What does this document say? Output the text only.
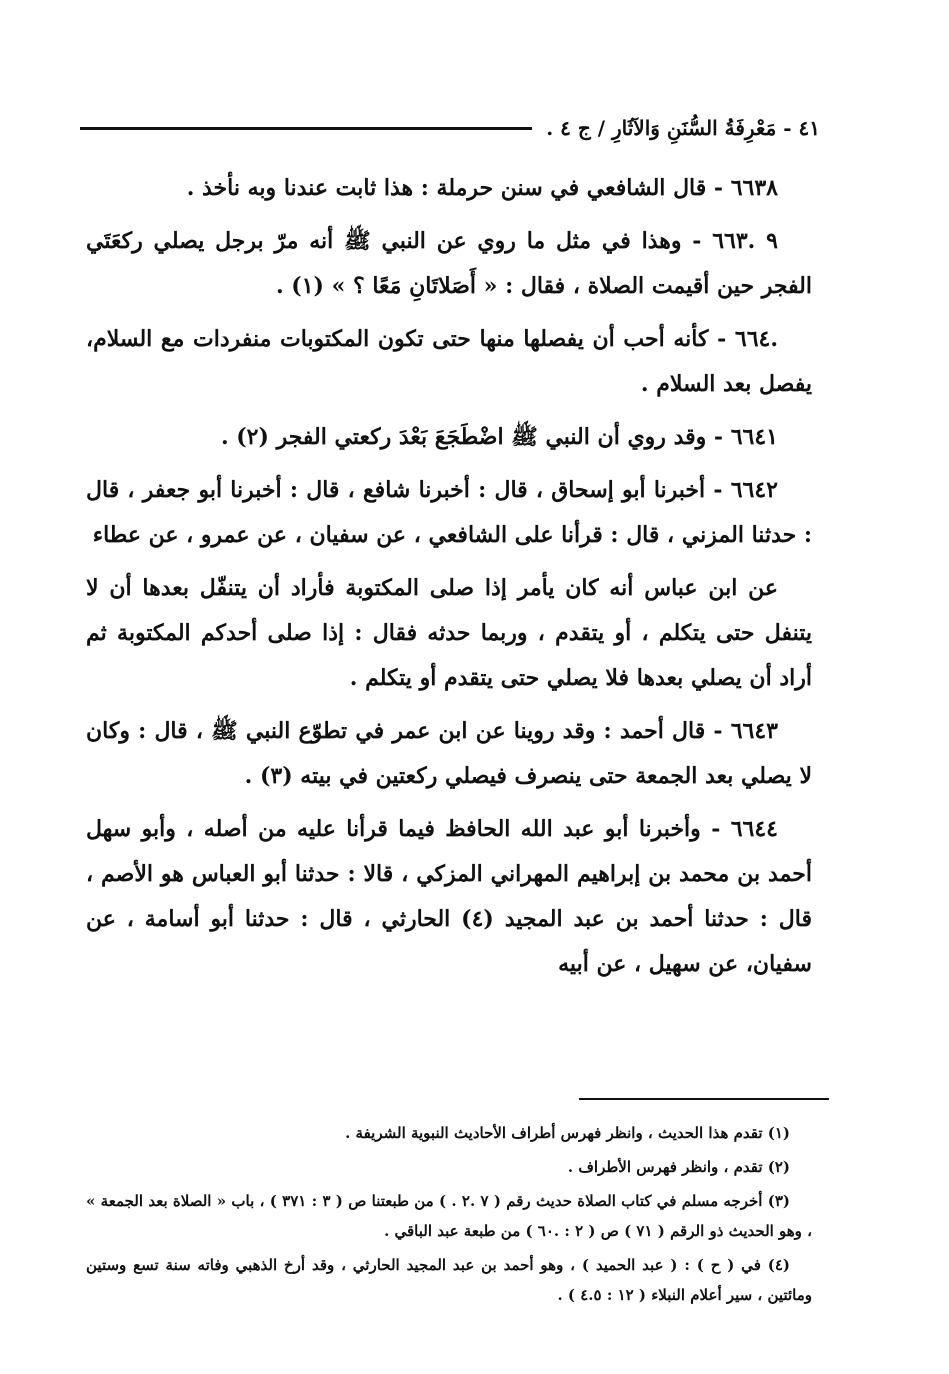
٤١ - مَعْرِفَةُ السُّنَنِ وَالآثَارِ / ج ٤ .

٦٦٣٨ - قال الشافعي في سنن حرملة : هذا ثابت عندنا وبه نأخذ .

٩ .٦٦٣ - وهذا في مثل ما روي عن النبي ﷺ أنه مرّ برجل يصلي ركعَتَي الفجر حين أقيمت الصلاة ، فقال : « أَصَلاتَانِ مَعًا ؟ » (١) .

.٦٦٤ - كأنه أحب أن يفصلها منها حتى تكون المكتوبات منفردات مع السلام، يفصل بعد السلام .

٦٦٤١ - وقد روي أن النبي ﷺ اضْطَجَعَ بَعْدَ ركعتي الفجر (٢) .

٦٦٤٢ - أخبرنا أبو إسحاق ، قال : أخبرنا شافع ، قال : أخبرنا أبو جعفر ، قال : حدثنا المزني ، قال : قرأنا على الشافعي ، عن سفيان ، عن عمرو ، عن عطاء

عن ابن عباس أنه كان يأمر إذا صلى المكتوبة فأراد أن يتنفّل بعدها أن لا يتنفل حتى يتكلم ، أو يتقدم ، وربما حدثه فقال : إذا صلى أحدكم المكتوبة ثم أراد أن يصلي بعدها فلا يصلي حتى يتقدم أو يتكلم .

٦٦٤٣ - قال أحمد : وقد روينا عن ابن عمر في تطوّع النبي ﷺ ، قال : وكان لا يصلي بعد الجمعة حتى ينصرف فيصلي ركعتين في بيته (٣) .

٦٦٤٤ - وأخبرنا أبو عبد الله الحافظ فيما قرأنا عليه من أصله ، وأبو سهل أحمد بن محمد بن إبراهيم المهراني المزكي ، قالا : حدثنا أبو العباس هو الأصم ، قال : حدثنا أحمد بن عبد المجيد (٤) الحارثي ، قال : حدثنا أبو أسامة ، عن سفيان، عن سهيل ، عن أبيه

(١) تقدم هذا الحديث ، وانظر فهرس أطراف الأحاديث النبوية الشريفة .

(٢) تقدم ، وانظر فهرس الأطراف .

(٣) أخرجه مسلم في كتاب الصلاة حديث رقم ( ٧ .٢ . ) من طبعتنا ص ( ٣ : ٣٧١ ) ، باب « الصلاة بعد الجمعة » ، وهو الحديث ذو الرقم ( ٧١ ) ص ( ٢ : .٦٠ ) من طبعة عبد الباقي .

(٤) في ( ح ) : ( عبد الحميد ) ، وهو أحمد بن عبد المجيد الحارثي ، وقد أرخ الذهبي وفاته سنة تسع وستين ومائتين ، سير أعلام النبلاء ( ١٢ : ٤.٥ ) .
